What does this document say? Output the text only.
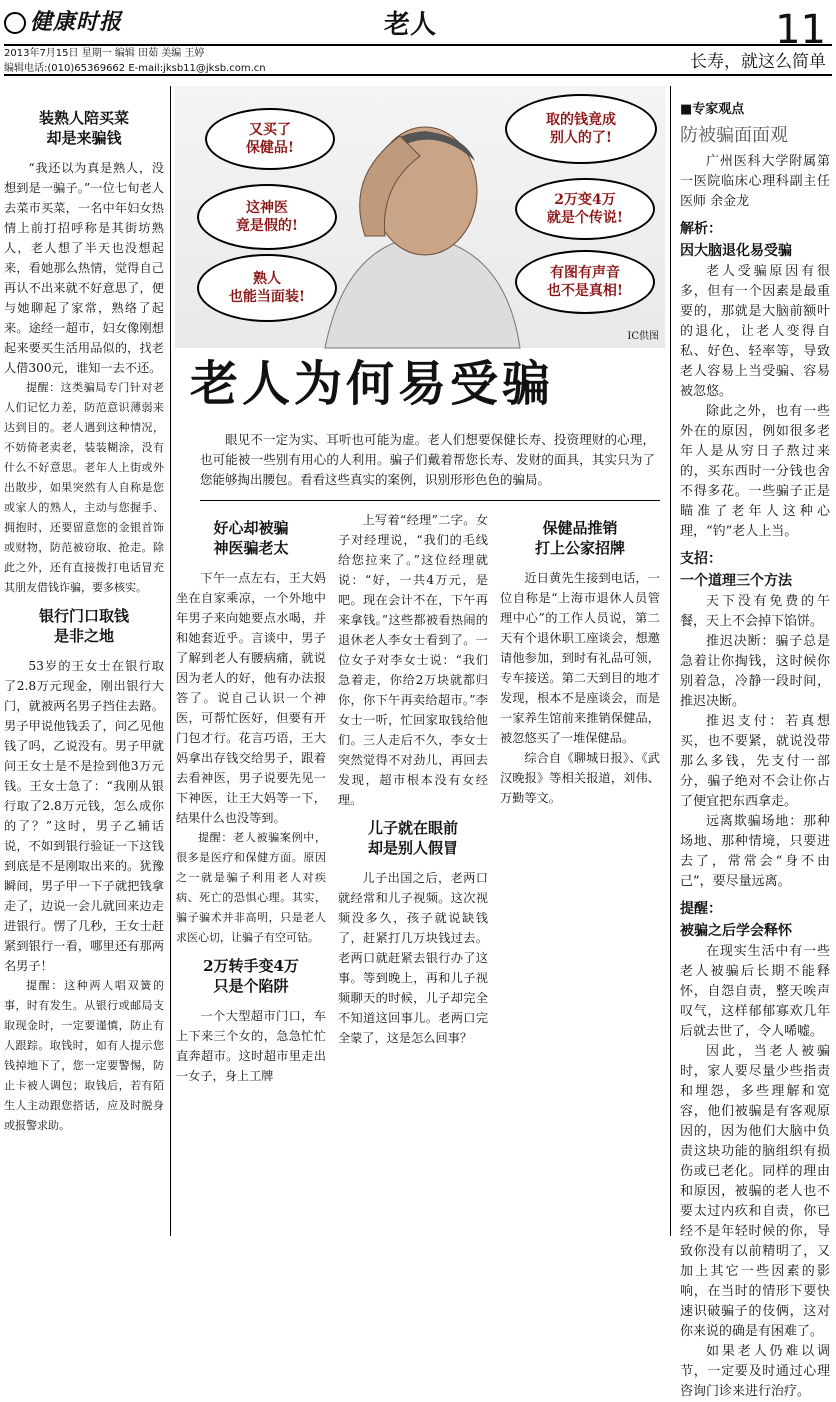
健康时报	老人	11
2013年7月15日 星期一 编辑 田茹 美编 王婷
编辑电话:(010)65369662 E-mail:jksb11@jksb.com.cn	长寿，就这么简单
又买了
保健品!
这神医
竟是假的!
熟人
也能当面装!
取的钱竟成
别人的了!
2万变4万
就是个传说!
有图有声音
也不是真相!
IC供图
老人为何易受骗
眼见不一定为实、耳听也可能为虚。老人们想要保健长寿、投资理财的心理，也可能被一些别有用心的人利用。骗子们戴着帮您长寿、发财的面具，其实只为了您能够掏出腰包。看看这些真实的案例，识别形形色色的骗局。
装熟人陪买菜
却是来骗钱

“我还以为真是熟人，没想到是一骗子。”一位七旬老人去菜市买菜，一名中年妇女热情上前打招呼称是其街坊熟人，老人想了半天也没想起来，看她那么热情，觉得自己再认不出来就不好意思了，便与她聊起了家常，熟络了起来。途经一超市，妇女像刚想起来要买生活用品似的，找老人借300元，谁知一去不还。

提醒：这类骗局专门针对老人们记忆力差，防范意识薄弱来达到目的。老人遇到这种情况，不妨倚老卖老，装装糊涂，没有什么不好意思。老年人上街或外出散步，如果突然有人自称是您或家人的熟人，主动与您握手、拥抱时，还要留意您的金银首饰或财物，防范被窃取、抢走。除此之外，还有直接拨打电话冒充其朋友借钱诈骗，要多核实。

银行门口取钱
是非之地

53岁的王女士在银行取了2.8万元现金，刚出银行大门，就被两名男子挡住去路。男子甲说他钱丢了，问乙见他钱了吗，乙说没有。男子甲就问王女士是不是捡到他3万元钱。王女士急了：“我刚从银行取了2.8万元钱，怎么成你的了？”这时，男子乙辅话说，不如到银行验证一下这钱到底是不是刚取出来的。犹豫瞬间，男子甲一下子就把钱拿走了，边说一会儿就回来边走进银行。愣了几秒，王女士赶紧到银行一看，哪里还有那两名男子！

提醒：这种两人唱双簧的事，时有发生。从银行或邮局支取现金时，一定要谨慎，防止有人跟踪。取钱时，如有人提示您钱掉地下了，您一定要警惕，防止卡被人调包；取钱后，若有陌生人主动跟您搭话，应及时脱身或报警求助。

好心却被骗
神医骗老太

下午一点左右，王大妈坐在自家乘凉，一个外地中年男子来向她要点水喝，并和她套近乎。言谈中，男子了解到老人有腰病痛，就说因为老人的好，他有办法报答了。说自己认识一个神医，可帮忙医好，但要有开门包才行。花言巧语，王大妈拿出存钱交给男子，跟着去看神医，男子说要先见一下神医，让王大妈等一下，结果什么也没等到。

提醒：老人被骗案例中，很多是医疗和保健方面。原因之一就是骗子利用老人对疾病、死亡的恐惧心理。其实，骗子骗术并非高明，只是老人求医心切，让骗子有空可钻。

2万转手变4万
只是个陷阱

一个大型超市门口，车上下来三个女的，急急忙忙直奔超市。这时超市里走出一女子，身上工牌

上写着“经理”二字。女子对经理说，“我们的毛线给您拉来了。”这位经理就说：“好，一共4万元，是吧。现在会计不在，下午再来拿钱。”这些都被看热闹的退休老人李女士看到了。一位女子对李女士说：“我们急着走，你给2万块就都归你，你下午再卖给超市。”李女士一听，忙回家取钱给他们。三人走后不久，李女士突然觉得不对劲儿，再回去发现，超市根本没有女经理。

儿子就在眼前
却是别人假冒

儿子出国之后，老两口就经常和儿子视频。这次视频没多久，孩子就说缺钱了，赶紧打几万块钱过去。老两口就赶紧去银行办了这事。等到晚上，再和儿子视频聊天的时候，儿子却完全不知道这回事儿。老两口完全蒙了，这是怎么回事？

保健品推销
打上公家招牌

近日黄先生接到电话，一位自称是“上海市退休人员管理中心”的工作人员说，第二天有个退休职工座谈会，想邀请他参加，到时有礼品可领，专车接送。第二天到目的地才发现，根本不是座谈会，而是一家养生馆前来推销保健品，被忽悠买了一堆保健品。

综合自《聊城日报》、《武汉晚报》等相关报道，刘伟、万勤等文。

■专家观点
防被骗面面观

广州医科大学附属第一医院临床心理科副主任医师 余金龙

解析：
因大脑退化易受骗

老人受骗原因有很多，但有一个因素是最重要的，那就是大脑前额叶的退化，让老人变得自私、好色、轻率等，导致老人容易上当受骗、容易被忽悠。

除此之外，也有一些外在的原因，例如很多老年人是从穷日子熬过来的，买东西时一分钱也舍不得多花。一些骗子正是瞄准了老年人这种心理，“钓”老人上当。

支招：
一个道理三个方法

天下没有免费的午餐，天上不会掉下馅饼。

推迟决断：骗子总是急着让你掏钱，这时候你别着急，冷静一段时间，推迟决断。

推迟支付：若真想买，也不要紧，就说没带那么多钱，先支付一部分，骗子绝对不会让你占了便宜把东西拿走。

远离欺骗场地：那种场地、那种情境，只要进去了，常常会“身不由己”，要尽量远离。

提醒：
被骗之后学会释怀

在现实生活中有一些老人被骗后长期不能释怀，自怨自责，整天唉声叹气，这样郁郁寡欢几年后就去世了，令人唏嘘。

因此，当老人被骗时，家人要尽量少些指责和埋怨，多些理解和宽容，他们被骗是有客观原因的，因为他们大脑中负责这块功能的脑组织有损伤或已老化。同样的理由和原因，被骗的老人也不要太过内疚和自责，你已经不是年轻时候的你，导致你没有以前精明了，又加上其它一些因素的影响，在当时的情形下要快速识破骗子的伎俩，这对你来说的确是有困难了。

如果老人仍难以调节，一定要及时通过心理咨询门诊来进行治疗。
